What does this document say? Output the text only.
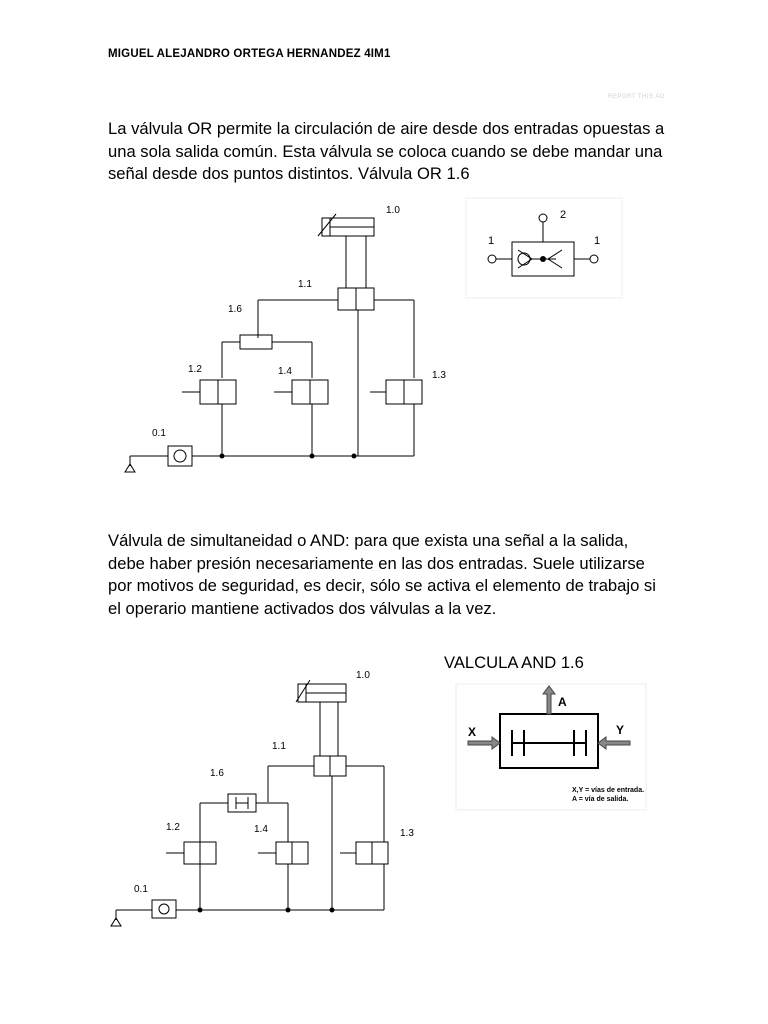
MIGUEL ALEJANDRO ORTEGA HERNANDEZ 4IM1
REPORT THIS AD

La válvula OR permite la circulación de aire desde dos entradas opuestas a una sola salida común. Esta válvula se coloca cuando se debe mandar una señal desde dos puntos distintos. Válvula OR 1.6

1.0
1.1
1.6
1.2	1.4	1.3
0.1
2
1	1

Válvula de simultaneidad o AND: para que exista una señal a la salida, debe haber presión necesariamente en las dos entradas. Suele utilizarse por motivos de seguridad, es decir, sólo se activa el elemento de trabajo si el operario mantiene activados dos válvulas a la vez.

VALCULA AND 1.6
1.0
1.1
1.6
1.2	1.4	1.3
0.1
A
X	Y
X,Y = vías de entrada.
A = vía de salida.
